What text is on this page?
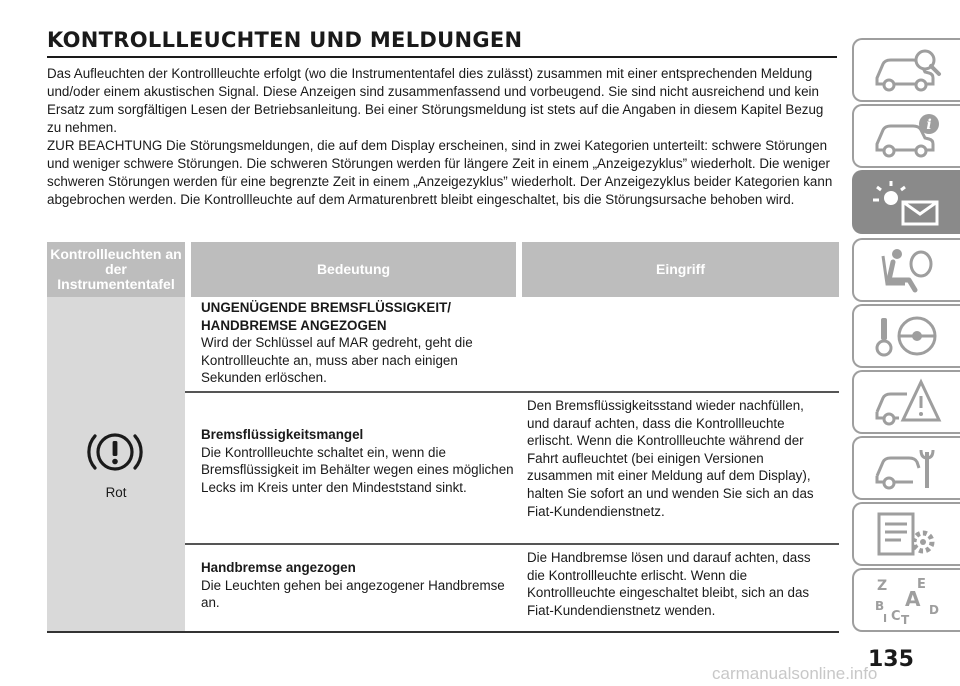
KONTROLLLEUCHTEN UND MELDUNGEN
Das Aufleuchten der Kontrollleuchte erfolgt (wo die Instrumententafel dies zulässt) zusammen mit einer entsprechenden Meldung und/oder einem akustischen Signal. Diese Anzeigen sind zusammenfassend und vorbeugend. Sie sind nicht ausreichend und kein Ersatz zum sorgfältigen Lesen der Betriebsanleitung. Bei einer Störungsmeldung ist stets auf die Angaben in diesem Kapitel Bezug zu nehmen.
ZUR BEACHTUNG Die Störungsmeldungen, die auf dem Display erscheinen, sind in zwei Kategorien unterteilt: schwere Störungen und weniger schwere Störungen. Die schweren Störungen werden für längere Zeit in einem „Anzeigezyklus” wiederholt. Die weniger schweren Störungen werden für eine begrenzte Zeit in einem „Anzeigezyklus” wiederholt. Der Anzeigezyklus beider Kategorien kann abgebrochen werden. Die Kontrollleuchte auf dem Armaturenbrett bleibt eingeschaltet, bis die Störungsursache behoben wird.
Kontrollleuchten an der Instrumententafel
Bedeutung	Eingriff
Rot
UNGENÜGENDE BREMSFLÜSSIGKEIT/ HANDBREMSE ANGEZOGEN
Wird der Schlüssel auf MAR gedreht, geht die Kontrollleuchte an, muss aber nach einigen Sekunden erlöschen.
Bremsflüssigkeitsmangel
Die Kontrollleuchte schaltet ein, wenn die Bremsflüssigkeit im Behälter wegen eines möglichen Lecks im Kreis unter den Mindeststand sinkt.
Den Bremsflüssigkeitsstand wieder nachfüllen, und darauf achten, dass die Kontrollleuchte erlischt. Wenn die Kontrollleuchte während der Fahrt aufleuchtet (bei einigen Versionen zusammen mit einer Meldung auf dem Display), halten Sie sofort an und wenden Sie sich an das Fiat-Kundendienstnetz.
Handbremse angezogen
Die Leuchten gehen bei angezogener Handbremse an.
Die Handbremse lösen und darauf achten, dass die Kontrollleuchte erlischt. Wenn die Kontrollleuchte eingeschaltet bleibt, sich an das Fiat-Kundendienstnetz wenden.
i
Z E
A
B
C D
I T
135
carmanualsonline.info
